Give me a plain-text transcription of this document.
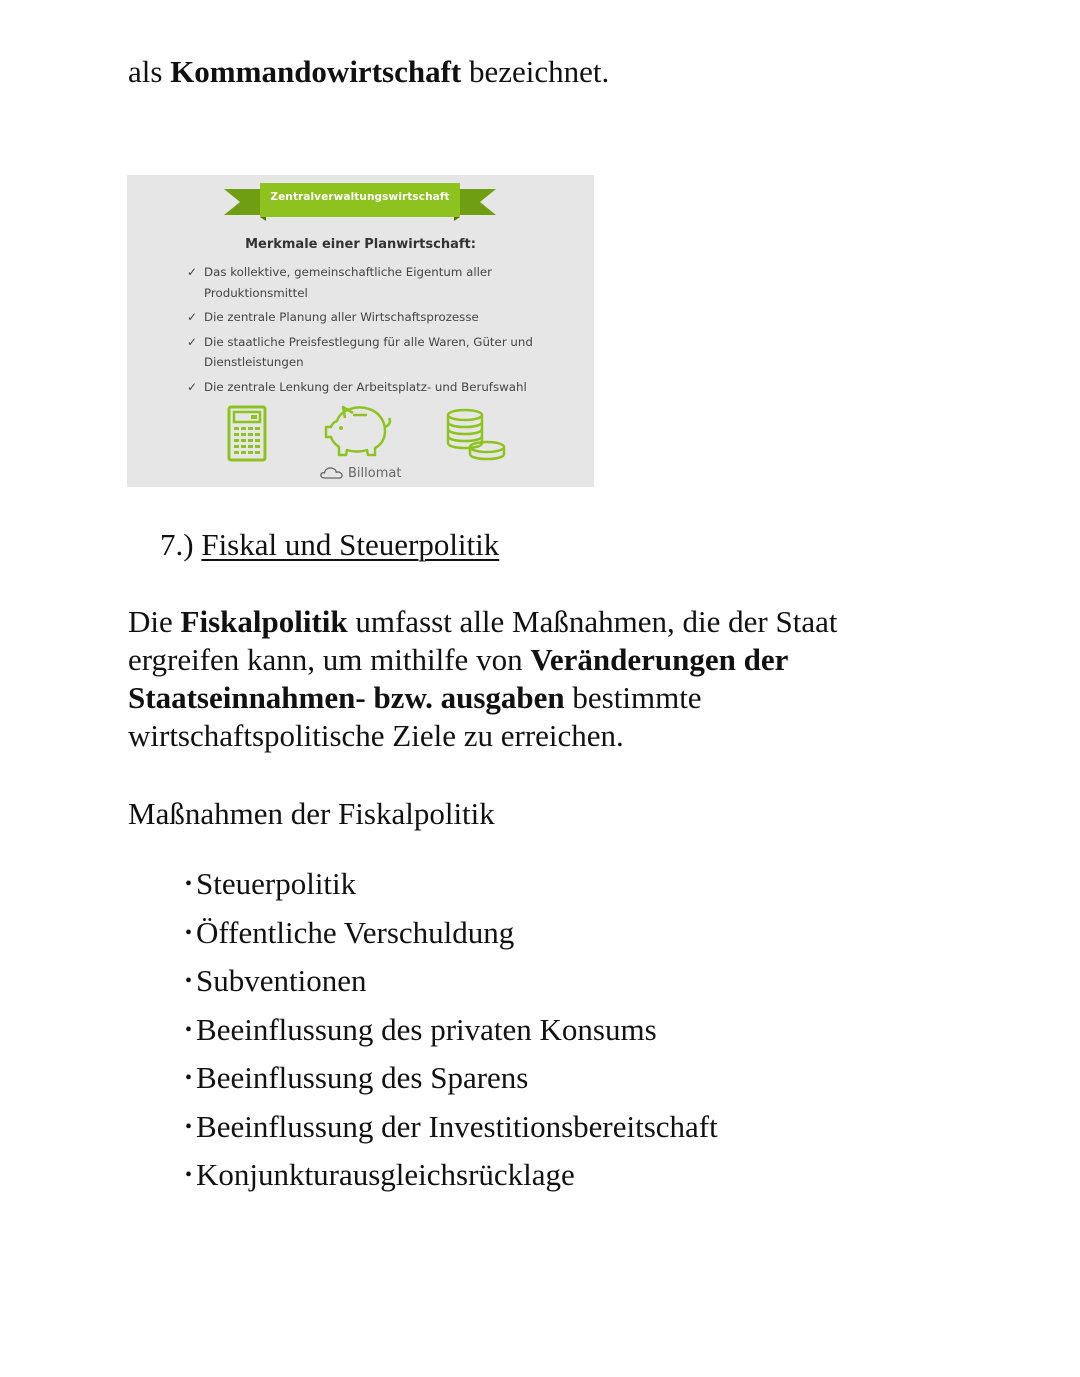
als Kommandowirtschaft bezeichnet.
Zentralverwaltungswirtschaft
Merkmale einer Planwirtschaft:
✓ Das kollektive, gemeinschaftliche Eigentum aller
Produktionsmittel
✓ Die zentrale Planung aller Wirtschaftsprozesse
✓ Die staatliche Preisfestlegung für alle Waren, Güter und
Dienstleistungen
✓ Die zentrale Lenkung der Arbeitsplatz- und Berufswahl
Billomat
7.) Fiskal und Steuerpolitik
Die Fiskalpolitik umfasst alle Maßnahmen, die der Staat
ergreifen kann, um mithilfe von Veränderungen der
Staatseinnahmen- bzw. ausgaben bestimmte
wirtschaftspolitische Ziele zu erreichen.
Maßnahmen der Fiskalpolitik
• Steuerpolitik
• Öffentliche Verschuldung
• Subventionen
• Beeinflussung des privaten Konsums
• Beeinflussung des Sparens
• Beeinflussung der Investitionsbereitschaft
• Konjunkturausgleichsrücklage
